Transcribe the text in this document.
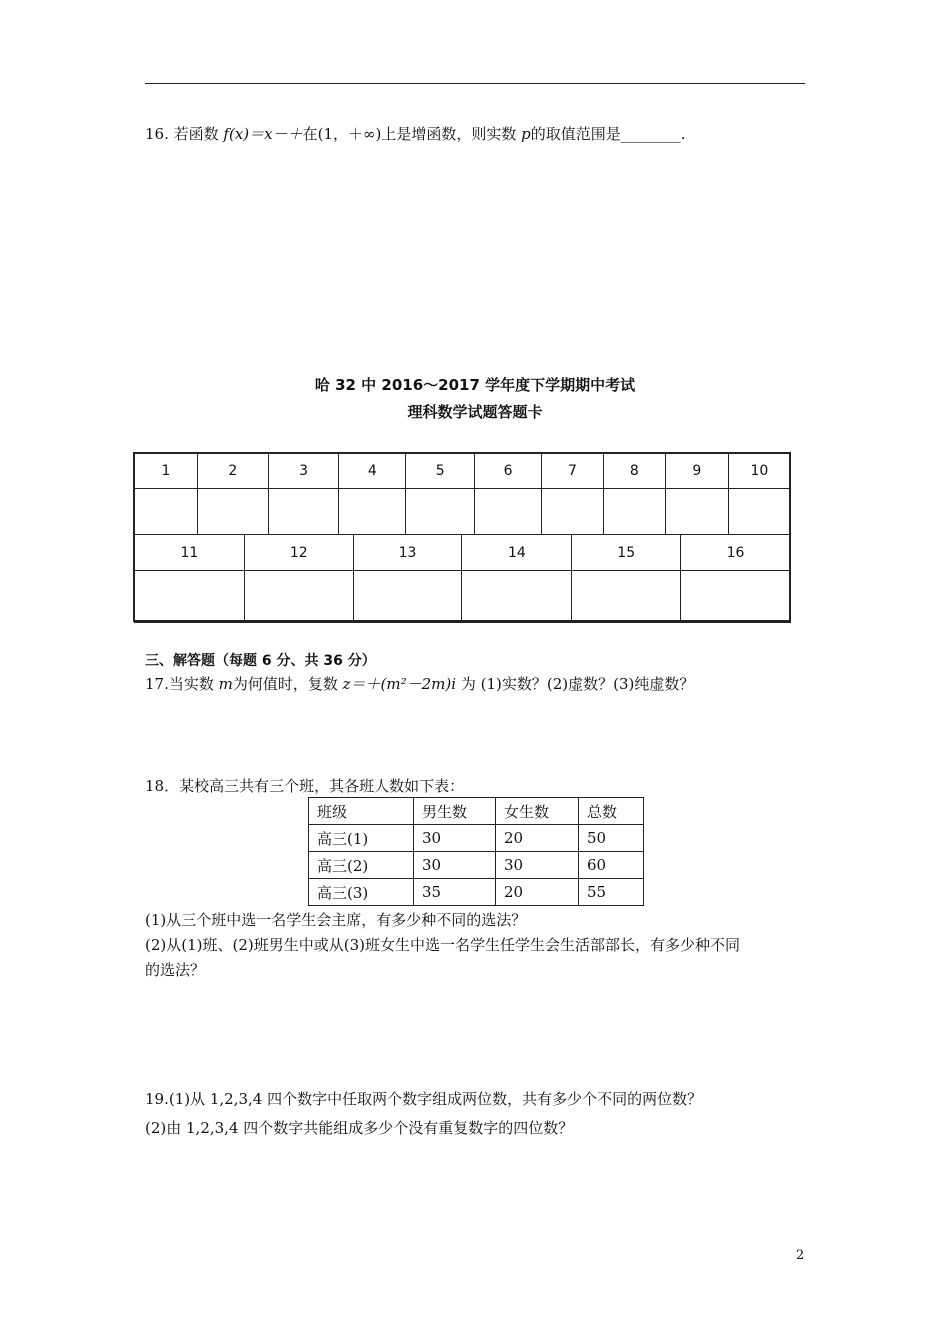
16. 若函数 f(x)＝x－＋在(1，＋∞)上是增函数，则实数 p的取值范围是________.
哈 32 中 2016～2017 学年度下学期期中考试
理科数学试题答题卡
1	2	3	4	5	6	7	8	9	10

11	12	13	14	15	16

三、解答题（每题 6 分、共 36 分）
17.当实数 m为何值时，复数 z＝＋(m²－2m)i 为 (1)实数？(2)虚数？(3)纯虚数？
18．某校高三共有三个班，其各班人数如下表：
班级	男生数	女生数	总数
高三(1)	30	20	50
高三(2)	30	30	60
高三(3)	35	20	55
(1)从三个班中选一名学生会主席，有多少种不同的选法？
(2)从(1)班、(2)班男生中或从(3)班女生中选一名学生任学生会生活部部长，有多少种不同
的选法？
19.(1)从 1,2,3,4 四个数字中任取两个数字组成两位数，共有多少个不同的两位数？
(2)由 1,2,3,4 四个数字共能组成多少个没有重复数字的四位数？
2
